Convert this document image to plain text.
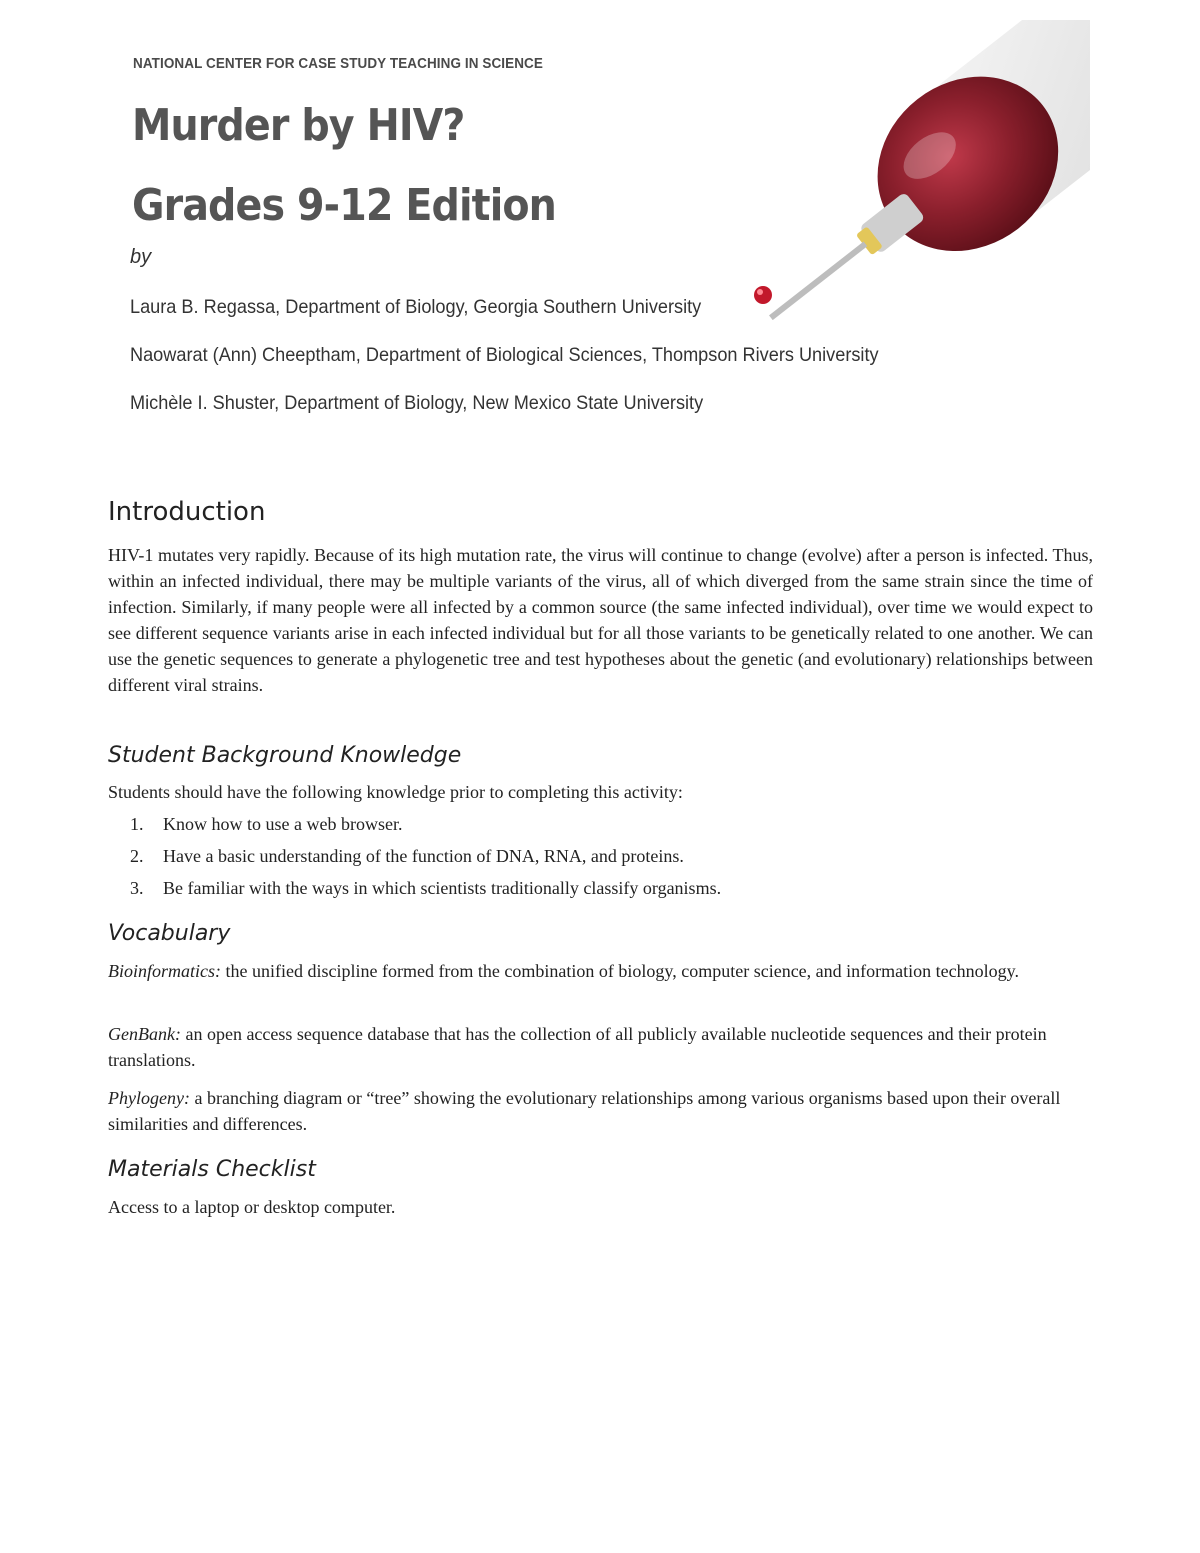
NATIONAL CENTER FOR CASE STUDY TEACHING IN SCIENCE
Murder by HIV?
Grades 9-12 Edition
by
Laura B. Regassa, Department of Biology, Georgia Southern University
Naowarat (Ann) Cheeptham, Department of Biological Sciences, Thompson Rivers University
Michèle I. Shuster, Department of Biology, New Mexico State University
Introduction

HIV-1 mutates very rapidly. Because of its high mutation rate, the virus will continue to change (evolve) after a person is infected. Thus, within an infected individual, there may be multiple variants of the virus, all of which diverged from the same strain since the time of infection. Similarly, if many people were all infected by a common source (the same infected individual), over time we would expect to see different sequence variants arise in each infected individual but for all those variants to be genetically related to one another. We can use the genetic sequences to generate a phylogenetic tree and test hypotheses about the genetic (and evolutionary) relationships between different viral strains.

Student Background Knowledge

Students should have the following knowledge prior to completing this activity:

1.	Know how to use a web browser.
2.	Have a basic understanding of the function of DNA, RNA, and proteins.
3.	Be familiar with the ways in which scientists traditionally classify organisms.
Vocabulary

Bioinformatics: the unified discipline formed from the combination of biology, computer science, and information technology.

GenBank: an open access sequence database that has the collection of all publicly available nucleotide sequences and their protein translations.

Phylogeny: a branching diagram or “tree” showing the evolutionary relationships among various organisms based upon their overall similarities and differences.

Materials Checklist

Access to a laptop or desktop computer.
